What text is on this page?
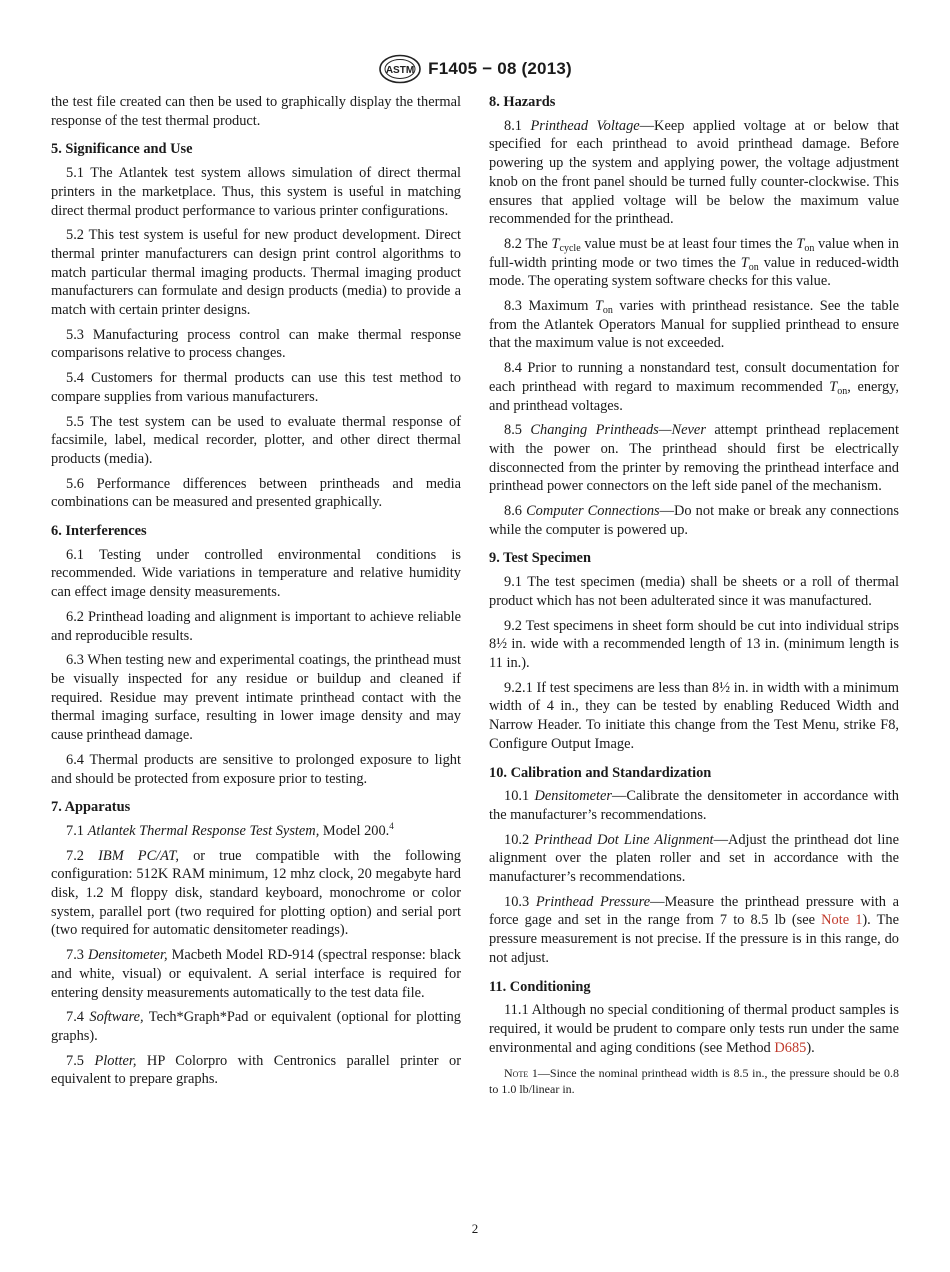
ASTM F1405 − 08 (2013)

the test file created can then be used to graphically display the thermal response of the test thermal product.

5. Significance and Use

5.1 The Atlantek test system allows simulation of direct thermal printers in the marketplace. Thus, this system is useful in matching direct thermal product performance to various printer configurations.

5.2 This test system is useful for new product development. Direct thermal printer manufacturers can design print control algorithms to match particular thermal imaging products. Thermal imaging product manufacturers can formulate and design products (media) to provide a match with certain printer designs.

5.3 Manufacturing process control can make thermal response comparisons relative to process changes.

5.4 Customers for thermal products can use this test method to compare supplies from various manufacturers.

5.5 The test system can be used to evaluate thermal response of facsimile, label, medical recorder, plotter, and other direct thermal products (media).

5.6 Performance differences between printheads and media combinations can be measured and presented graphically.

6. Interferences

6.1 Testing under controlled environmental conditions is recommended. Wide variations in temperature and relative humidity can effect image density measurements.

6.2 Printhead loading and alignment is important to achieve reliable and reproducible results.

6.3 When testing new and experimental coatings, the printhead must be visually inspected for any residue or buildup and cleaned if required. Residue may prevent intimate printhead contact with the thermal imaging surface, resulting in lower image density and may cause printhead damage.

6.4 Thermal products are sensitive to prolonged exposure to light and should be protected from exposure prior to testing.

7. Apparatus

7.1 Atlantek Thermal Response Test System, Model 200.$^4$

7.2 IBM PC/AT, or true compatible with the following configuration: 512K RAM minimum, 12 mhz clock, 20 megabyte hard disk, 1.2 M floppy disk, standard keyboard, monochrome or color system, parallel port (two required for plotting option) and serial port (two required for automatic densitometer readings).

7.3 Densitometer, Macbeth Model RD-914 (spectral response: black and white, visual) or equivalent. A serial interface is required for entering density measurements automatically to the test data file.

7.4 Software, Tech*Graph*Pad or equivalent (optional for plotting graphs).

7.5 Plotter, HP Colorpro with Centronics parallel printer or equivalent to prepare graphs.

8. Hazards

8.1 Printhead Voltage—Keep applied voltage at or below that specified for each printhead to avoid printhead damage. Before powering up the system and applying power, the voltage adjustment knob on the front panel should be turned fully counter-clockwise. This ensures that applied voltage will be below the maximum value recommended for the printhead.

8.2 The $T_{cycle}$ value must be at least four times the $T_{on}$ value when in full-width printing mode or two times the $T_{on}$ value in reduced-width mode. The operating system software checks for this value.

8.3 Maximum $T_{on}$ varies with printhead resistance. See the table from the Atlantek Operators Manual for supplied printhead to ensure that the maximum value is not exceeded.

8.4 Prior to running a nonstandard test, consult documentation for each printhead with regard to maximum recommended $T_{on}$, energy, and printhead voltages.

8.5 Changing Printheads—Never attempt printhead replacement with the power on. The printhead should first be electrically disconnected from the printer by removing the printhead interface and printhead power connectors on the left side panel of the mechanism.

8.6 Computer Connections—Do not make or break any connections while the computer is powered up.

9. Test Specimen

9.1 The test specimen (media) shall be sheets or a roll of thermal product which has not been adulterated since it was manufactured.

9.2 Test specimens in sheet form should be cut into individual strips 8½ in. wide with a recommended length of 13 in. (minimum length is 11 in.).

9.2.1 If test specimens are less than 8½ in. in width with a minimum width of 4 in., they can be tested by enabling Reduced Width and Narrow Header. To initiate this change from the Test Menu, strike F8, Configure Output Image.

10. Calibration and Standardization

10.1 Densitometer—Calibrate the densitometer in accordance with the manufacturer’s recommendations.

10.2 Printhead Dot Line Alignment—Adjust the printhead dot line alignment over the platen roller and set in accordance with the manufacturer’s recommendations.

10.3 Printhead Pressure—Measure the printhead pressure with a force gage and set in the range from 7 to 8.5 lb (see Note 1). The pressure measurement is not precise. If the pressure is in this range, do not adjust.

11. Conditioning

11.1 Although no special conditioning of thermal product samples is required, it would be prudent to compare only tests run under the same environmental and aging conditions (see Method D685).

Note 1—Since the nominal printhead width is 8.5 in., the pressure should be 0.8 to 1.0 lb/linear in.

2
